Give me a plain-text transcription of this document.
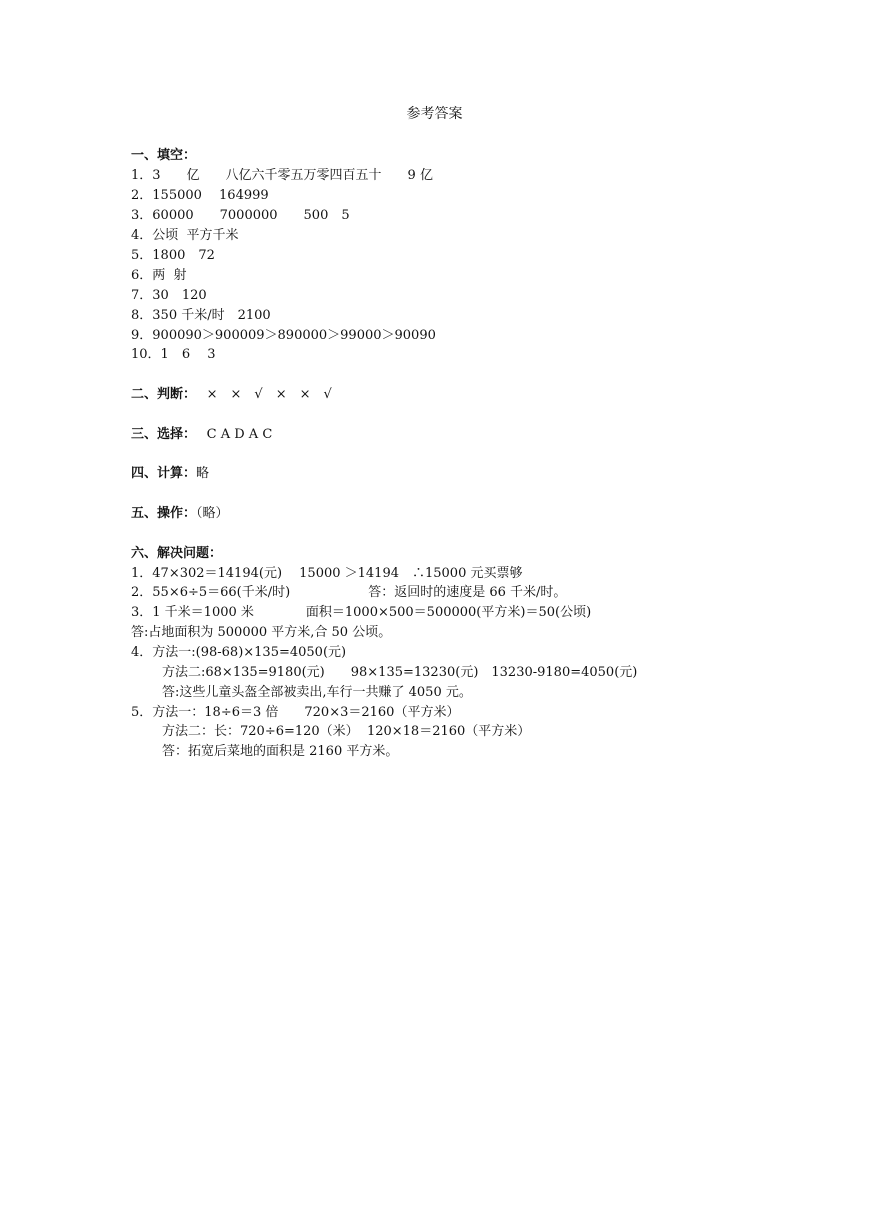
参考答案
一、填空：
1．3　　亿　　八亿六千零五万零四百五十　　9 亿
2．155000　 164999
3．60000　　7000000　　500　5
4．公顷  平方千米
5．1800　72
6．两  射
7．30　120
8．350 千米/时　2100
9．900090＞900009＞890000＞99000＞90090
10．1　6　 3
二、判断：　 ×　×　√　×　×　√
三、选择：　 C A D A C
四、计算：略
五、操作：（略）
六、解决问题：
1．47×302＝14194(元)　 15000 ＞14194　∴15000 元买票够
2．55×6÷5＝66(千米/时)　　　　　　答：返回时的速度是 66 千米/时。
3．1 千米＝1000 米　　　　面积＝1000×500＝500000(平方米)＝50(公顷)
答:占地面积为 500000 平方米,合 50 公顷。
4．方法一:(98-68)×135=4050(元)
方法二:68×135=9180(元)　　98×135=13230(元)　13230-9180=4050(元)
答:这些儿童头盔全部被卖出,车行一共赚了 4050 元。
5．方法一：18÷6＝3 倍　　720×3＝2160（平方米）
方法二：长：720÷6=120（米）  120×18＝2160（平方米）
答：拓宽后菜地的面积是 2160 平方米。
